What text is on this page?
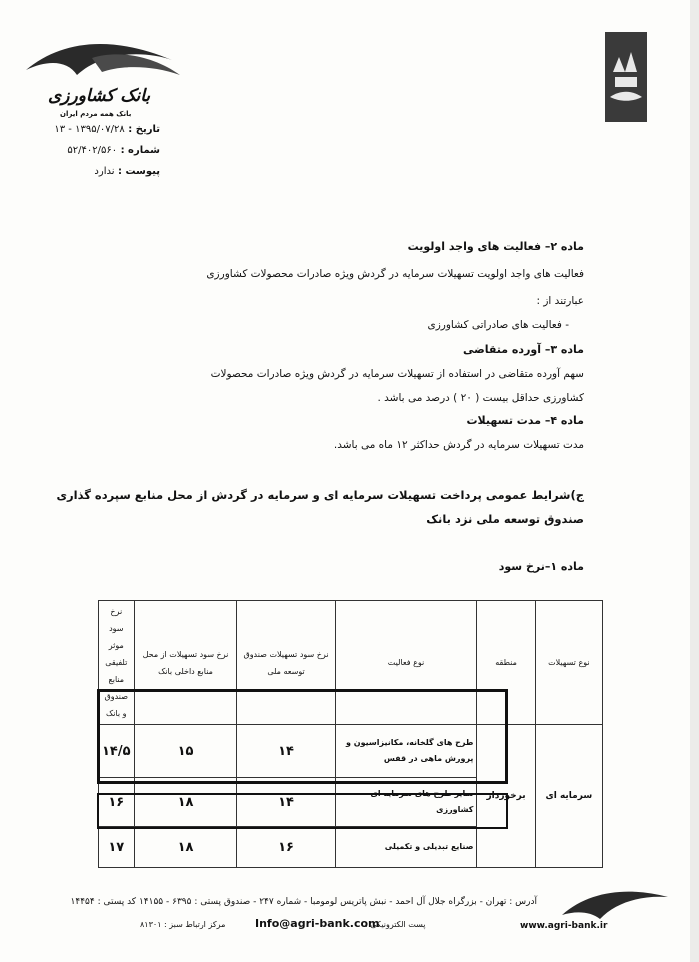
بانک کشاورزی
بانک همه مردم ایران
تاریخ : ۱۳۹۵/۰۷/۲۸ - ۱۳
شماره : ۵۲/۴۰۲/۵۶۰
پیوست : ندارد
ماده ۲– فعالیت های واجد اولویت
فعالیت های واجد اولویت تسهیلات سرمایه در گردش ویژه صادرات محصولات کشاورزی
عبارتند از :
- فعالیت های صادراتی کشاورزی
ماده ۳– آورده متقاضی
سهم آورده متقاضی در استفاده از تسهیلات سرمایه در گردش ویژه صادرات محصولات
کشاورزی حداقل بیست ( ۲۰ ) درصد می باشد .
ماده ۴– مدت تسهیلات
مدت تسهیلات سرمایه در گردش حداکثر ۱۲ ماه می باشد.
ج)شرایط عمومی پرداخت تسهیلات سرمایه ای و سرمایه در گردش از محل منابع سپرده گذاری
صندوق توسعه ملی نزد بانک
ماده ۱–نرخ سود
نوع تسهیلات	منطقه	نوع فعالیت	نرخ سود تسهیلات صندوق توسعه ملی	نرخ سود تسهیلات از محل منابع داخلی بانک	نرخ سود موثر تلفیقی منابع صندوق و بانک
سرمایه ای	برخوردار	طرح های گلخانه، مکانیزاسیون و پرورش ماهی در قفس	۱۴	۱۵	۱۴/۵
		سایر طرح های سرمایه ای کشاورزی	۱۴	۱۸	۱۶
		صنایع تبدیلی و تکمیلی	۱۶	۱۸	۱۷
www.agri-bank.ir
آدرس : تهران - بزرگراه جلال آل احمد - نبش پاتریس لومومبا - شماره ۲۴۷ - صندوق پستی : ۶۳۹۵ - ۱۴۱۵۵ کد پستی : ۱۴۴۵۴
پست الکترونیکی :
Info@agri-bank.com
مرکز ارتباط سبز : ۸۱۳۰۱
